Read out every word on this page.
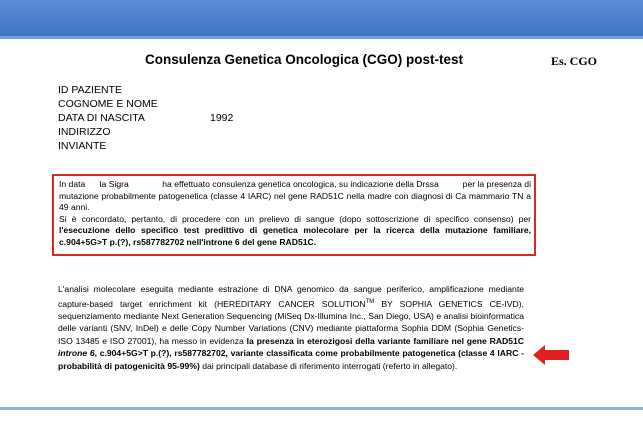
Consulenza Genetica Oncologica (CGO) post-test	Es. CGO
ID PAZIENTE
COGNOME E NOME
DATA DI NASCITA	1992
INDIRIZZO
INVIANTE

In data      la Sigra              ha effettuato consulenza genetica oncologica, su indicazione della Drssa          per la presenza di mutazione probabilmente patogenetica (classe 4 IARC) nel gene RAD51C nella madre con diagnosi di Ca mammario TN a 49 anni.

Si è concordato, pertanto, di procedere con un prelievo di sangue (dopo sottoscrizione di specifico consenso) per l'esecuzione dello specifico test predittivo di genetica molecolare per la ricerca della mutazione familiare, c.904+5G>T p.(?), rs587782702 nell'introne 6 del gene RAD51C.

L'analisi molecolare eseguita mediante estrazione di DNA genomico da sangue periferico, amplificazione mediante capture-based target enrichment kit (HEREDITARY CANCER SOLUTION™ BY SOPHIA GENETICS CE-IVD), sequenziamento mediante Next Generation Sequencing (MiSeq Dx-Illumina Inc., San Diego, USA) e analisi bioinformatica delle varianti (SNV, InDel) e delle Copy Number Variations (CNV) mediante piattaforma Sophia DDM (Sophia Genetics-ISO 13485 e ISO 27001), ha messo in evidenza la presenza in eterozigosi della variante familiare nel gene RAD51C introne 6, c.904+5G>T p.(?), rs587782702, variante classificata come probabilmente patogenetica (classe 4 IARC - probabilità di patogenicità 95-99%) dai principali database di riferimento interrogati (referto in allegato).
